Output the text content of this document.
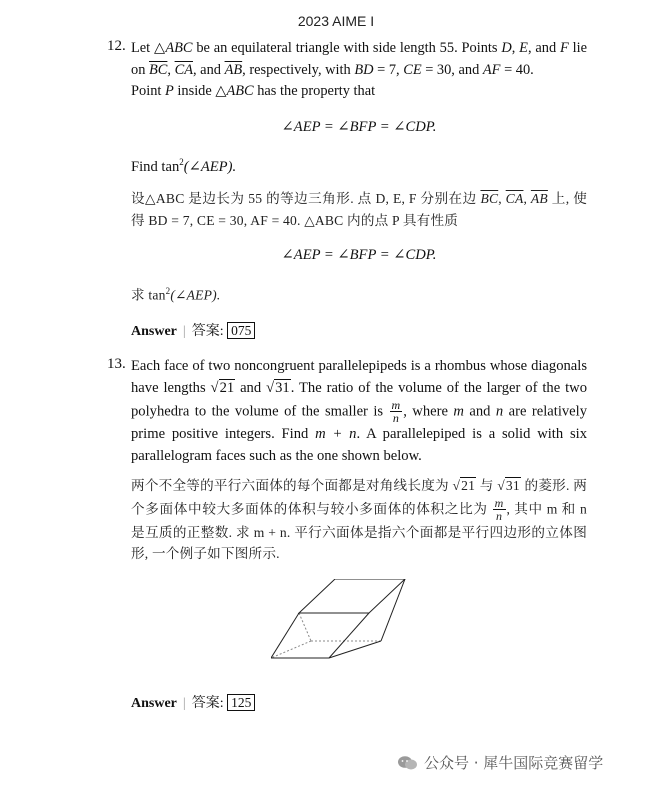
2023 AIME I
12. Let △ABC be an equilateral triangle with side length 55. Points D, E, and F lie on $\overline{BC}$, $\overline{CA}$, and $\overline{AB}$, respectively, with BD = 7, CE = 30, and AF = 40.
Point P inside △ABC has the property that

∠AEP = ∠BFP = ∠CDP.

Find $\tan^2(\angle AEP)$.

设△ABC 是边长为 55 的等边三角形. 点 D, E, F 分别在边 $\overline{BC}$, $\overline{CA}$, $\overline{AB}$ 上, 使得 BD = 7, CE = 30, AF = 40. △ABC 内的点 P 具有性质

∠AEP = ∠BFP = ∠CDP.

求 $\tan^2(\angle AEP)$.

Answer | 答案: 075

13. Each face of two noncongruent parallelepipeds is a rhombus whose diagonals have lengths √21 and √31. The ratio of the volume of the larger of the two polyhedra to the volume of the smaller is $\frac{m}{n}$ , where m and n are relatively prime positive integers. Find m + n. A parallelepiped is a solid with six parallelogram faces such as the one shown below.

两个不全等的平行六面体的每个面都是对角线长度为 √21 与 √31 的菱形. 两个多面体中较大多面体的体积与较小多面体的体积之比为 $\frac{m}{n}$ , 其中 m 和 n 是互质的正整数. 求 m + n. 平行六面体是指六个面都是平行四边形的立体图形, 一个例子如下图所示.

Answer | 答案: 125

公众号 · 犀牛国际竞赛留学
